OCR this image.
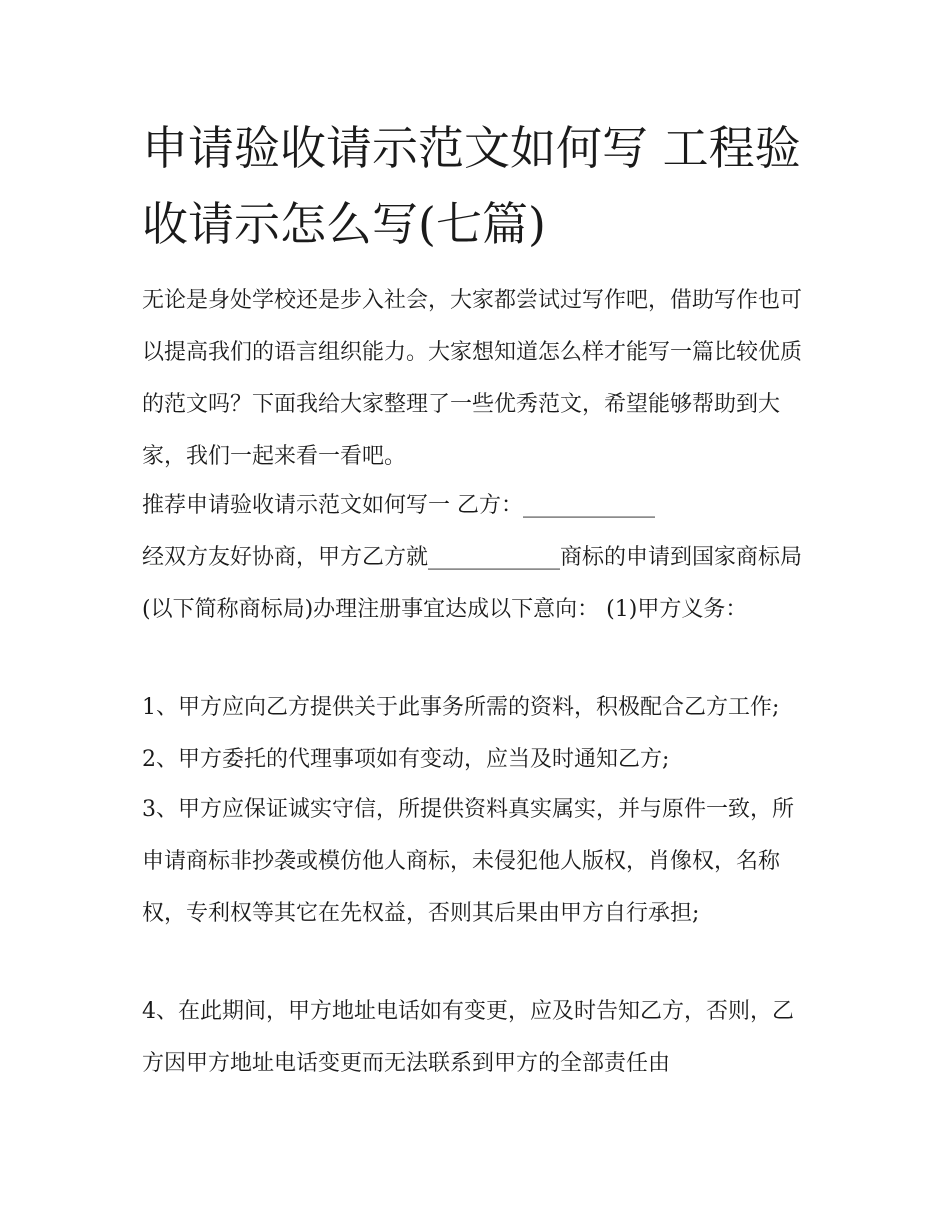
申请验收请示范文如何写 工程验收请示怎么写(七篇)

无论是身处学校还是步入社会，大家都尝试过写作吧，借助写作也可以提高我们的语言组织能力。大家想知道怎么样才能写一篇比较优质的范文吗？下面我给大家整理了一些优秀范文，希望能够帮助到大家，我们一起来看一看吧。

推荐申请验收请示范文如何写一 乙方：____________
经双方友好协商，甲方乙方就____________商标的申请到国家商标局(以下简称商标局)办理注册事宜达成以下意向： (1)甲方义务：

1、甲方应向乙方提供关于此事务所需的资料，积极配合乙方工作; 2、甲方委托的代理事项如有变动，应当及时通知乙方;

3、甲方应保证诚实守信，所提供资料真实属实，并与原件一致，所申请商标非抄袭或模仿他人商标，未侵犯他人版权，肖像权，名称权，专利权等其它在先权益，否则其后果由甲方自行承担;

4、在此期间，甲方地址电话如有变更，应及时告知乙方，否则，乙方因甲方地址电话变更而无法联系到甲方的全部责任由
